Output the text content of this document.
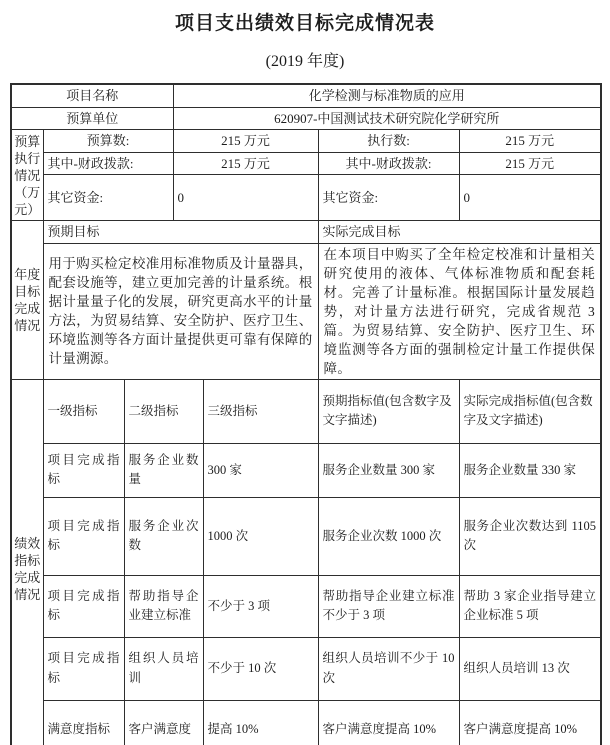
项目支出绩效目标完成情况表
(2019 年度)
项目名称			化学检测与标准物质的应用			
预算单位			620907-中国测试技术研究院化学研究所			
预算执行情况（万元）	预算数:		215 万元		执行数:	215 万元
	其中-财政拨款:		215 万元		其中-财政拨款:	215 万元
	其它资金:		0		其它资金:	0
年度目标完成情况	预期目标				实际完成目标	
	用于购买检定校准用标准物质及计量器具，配套设施等，建立更加完善的计量系统。根据计量量子化的发展，研究更高水平的计量方法，为贸易结算、安全防护、医疗卫生、环境监测等各方面计量提供更可靠有保障的计量溯源。				在本项目中购买了全年检定校准和计量相关研究使用的液体、气体标准物质和配套耗材。完善了计量标准。根据国际计量发展趋势，对计量方法进行研究，完成省规范 3 篇。为贸易结算、安全防护、医疗卫生、环境监测等各方面的强制检定计量工作提供保障。	
绩效指标完成情况	一级指标	二级指标		三级指标	预期指标值(包含数字及文字描述)	实际完成指标值(包含数字及文字描述)
	项目完成指标	服务企业数量		300 家	服务企业数量 300 家	服务企业数量 330 家
	项目完成指标	服务企业次数		1000 次	服务企业次数 1000 次	服务企业次数达到 1105 次
	项目完成指标	帮助指导企业建立标准		不少于 3 项	帮助指导企业建立标准不少于 3 项	帮助 3 家企业指导建立企业标准 5 项
	项目完成指标	组织人员培训		不少于 10 次	组织人员培训不少于 10 次	组织人员培训 13 次
	满意度指标	客户满意度		提高 10%	客户满意度提高 10%	客户满意度提高 10%
